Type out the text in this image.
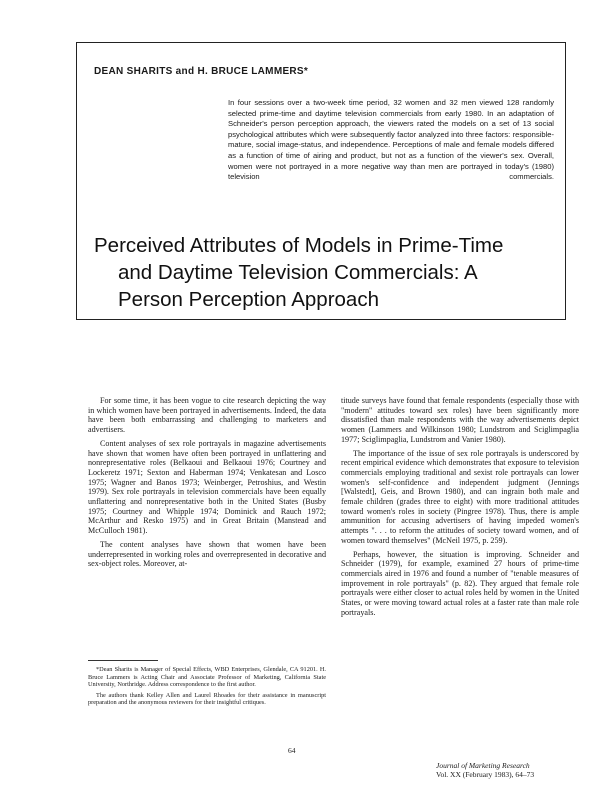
DEAN SHARITS and H. BRUCE LAMMERS*
In four sessions over a two-week time period, 32 women and 32 men viewed 128 randomly selected prime-time and daytime television commercials from early 1980. In an adaptation of Schneider's person perception approach, the viewers rated the models on a set of 13 social psychological attributes which were subsequently factor analyzed into three factors: responsible-mature, social image-status, and independence. Perceptions of male and female models differed as a function of time of airing and product, but not as a function of the viewer's sex. Overall, women were not portrayed in a more negative way than men are portrayed in today's (1980) television commercials.
Perceived Attributes of Models in Prime-Time
and Daytime Television Commercials: A
Person Perception Approach

For some time, it has been vogue to cite research depicting the way in which women have been portrayed in advertisements. Indeed, the data have been both embarrassing and challenging to marketers and advertisers.

Content analyses of sex role portrayals in magazine advertisements have shown that women have often been portrayed in unflattering and nonrepresentative roles (Belkaoui and Belkaoui 1976; Courtney and Lockeretz 1971; Sexton and Haberman 1974; Venkatesan and Losco 1975; Wagner and Banos 1973; Weinberger, Petroshius, and Westin 1979). Sex role portrayals in television commercials have been equally unflattering and nonrepresentative both in the United States (Busby 1975; Courtney and Whipple 1974; Dominick and Rauch 1972; McArthur and Resko 1975) and in Great Britain (Manstead and McCulloch 1981).

The content analyses have shown that women have been underrepresented in working roles and overrepresented in decorative and sex-object roles. Moreover, at-

titude surveys have found that female respondents (especially those with "modern" attitudes toward sex roles) have been significantly more dissatisfied than male respondents with the way advertisements depict women (Lammers and Wilkinson 1980; Lundstrom and Sciglimpaglia 1977; Sciglimpaglia, Lundstrom and Vanier 1980).

The importance of the issue of sex role portrayals is underscored by recent empirical evidence which demonstrates that exposure to television commercials employing traditional and sexist role portrayals can lower women's self-confidence and independent judgment (Jennings [Walstedt], Geis, and Brown 1980), and can ingrain both male and female children (grades three to eight) with more traditional attitudes toward women's roles in society (Pingree 1978). Thus, there is ample ammunition for accusing advertisers of having impeded women's attempts ". . . to reform the attitudes of society toward women, and of women toward themselves" (McNeil 1975, p. 259).

Perhaps, however, the situation is improving. Schneider and Schneider (1979), for example, examined 27 hours of prime-time commercials aired in 1976 and found a number of "tenable measures of improvement in role portrayals" (p. 82). They argued that female role portrayals were either closer to actual roles held by women in the United States, or were moving toward actual roles at a faster rate than male role portrayals.

*Dean Sharits is Manager of Special Effects, WBD Enterprises, Glendale, CA 91201. H. Bruce Lammers is Acting Chair and Associate Professor of Marketing, California State University, Northridge. Address correspondence to the first author.

The authors thank Kelley Allen and Laurel Rhoades for their assistance in manuscript preparation and the anonymous reviewers for their insightful critiques.

64
Journal of Marketing Research
Vol. XX (February 1983), 64–73
